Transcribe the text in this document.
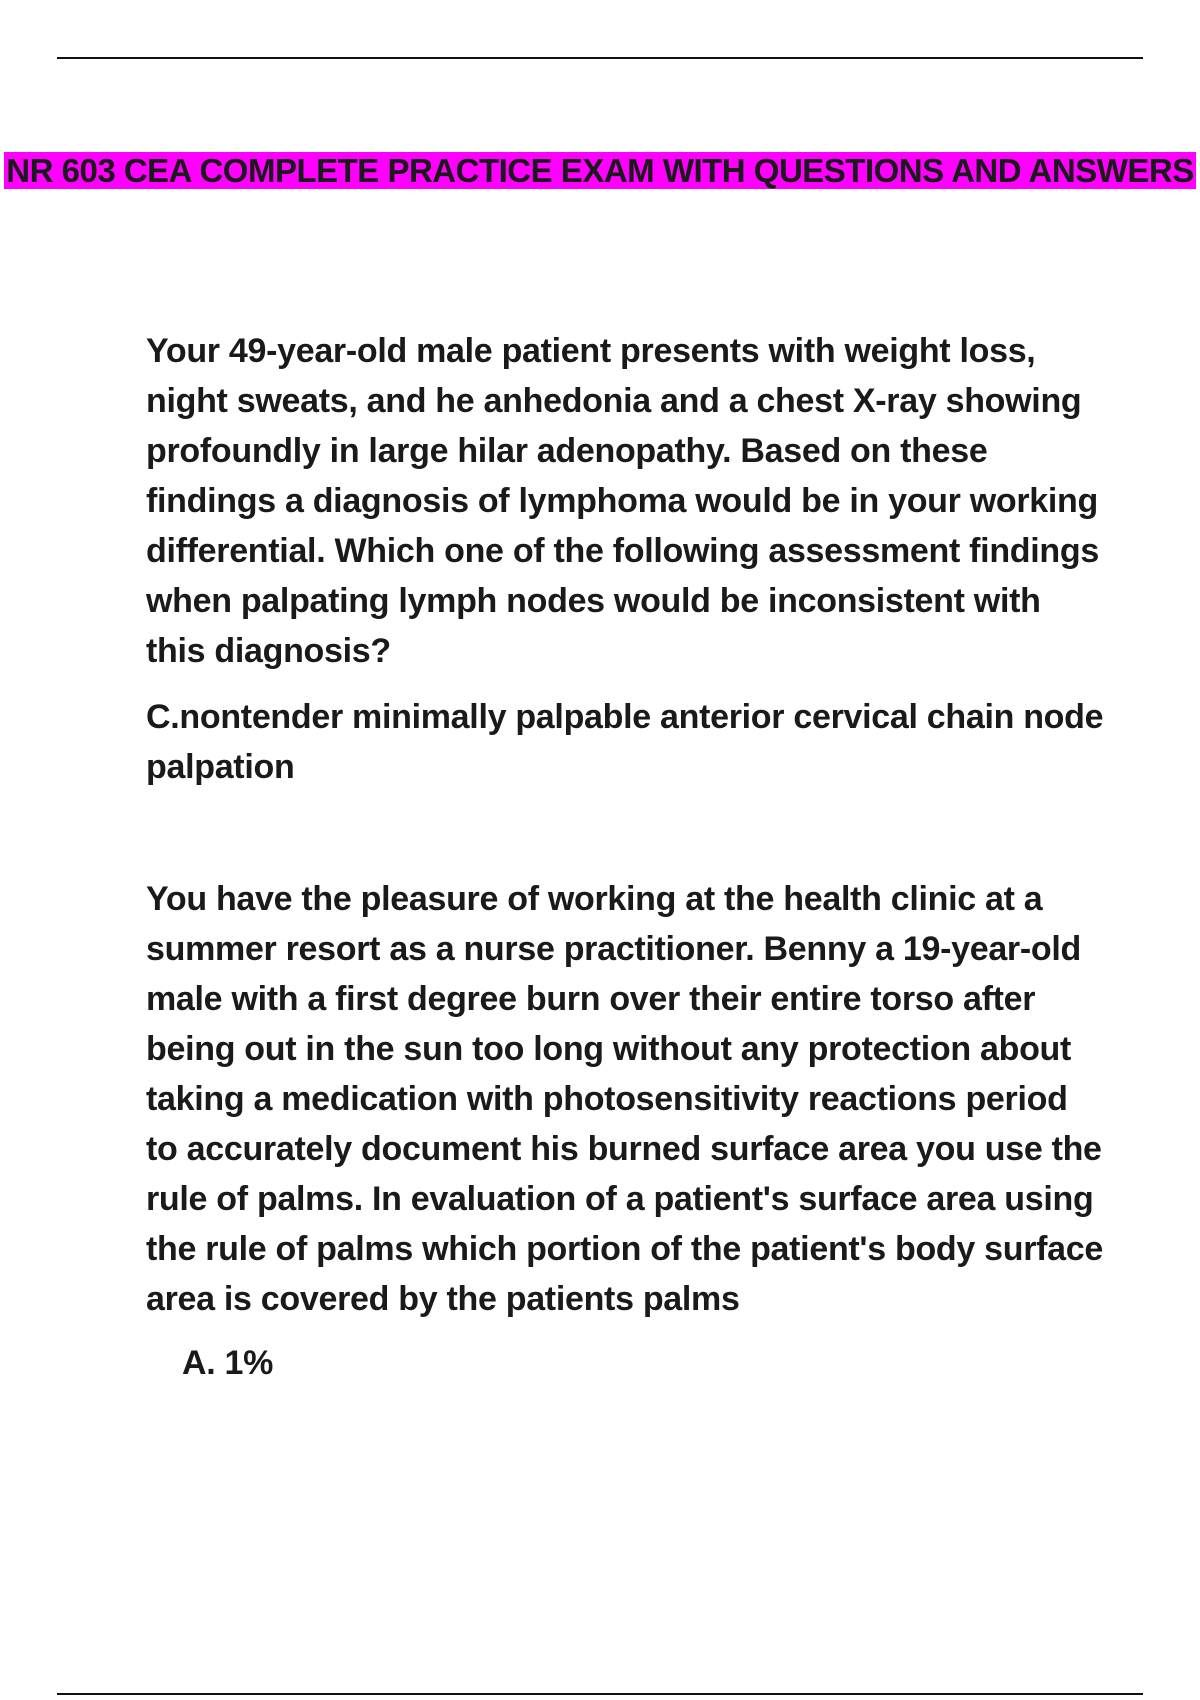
NR 603 CEA COMPLETE PRACTICE EXAM WITH QUESTIONS AND ANSWERS

Your 49-year-old male patient presents with weight loss, night sweats, and he anhedonia and a chest X-ray showing profoundly in large hilar adenopathy. Based on these findings a diagnosis of lymphoma would be in your working differential. Which one of the following assessment findings when palpating lymph nodes would be inconsistent with this diagnosis?

C.nontender minimally palpable anterior cervical chain node palpation

You have the pleasure of working at the health clinic at a summer resort as a nurse practitioner. Benny a 19-year-old male with a first degree burn over their entire torso after being out in the sun too long without any protection about taking a medication with photosensitivity reactions period to accurately document his burned surface area you use the rule of palms. In evaluation of a patient's surface area using the rule of palms which portion of the patient's body surface area is covered by the patients palms

A. 1%
